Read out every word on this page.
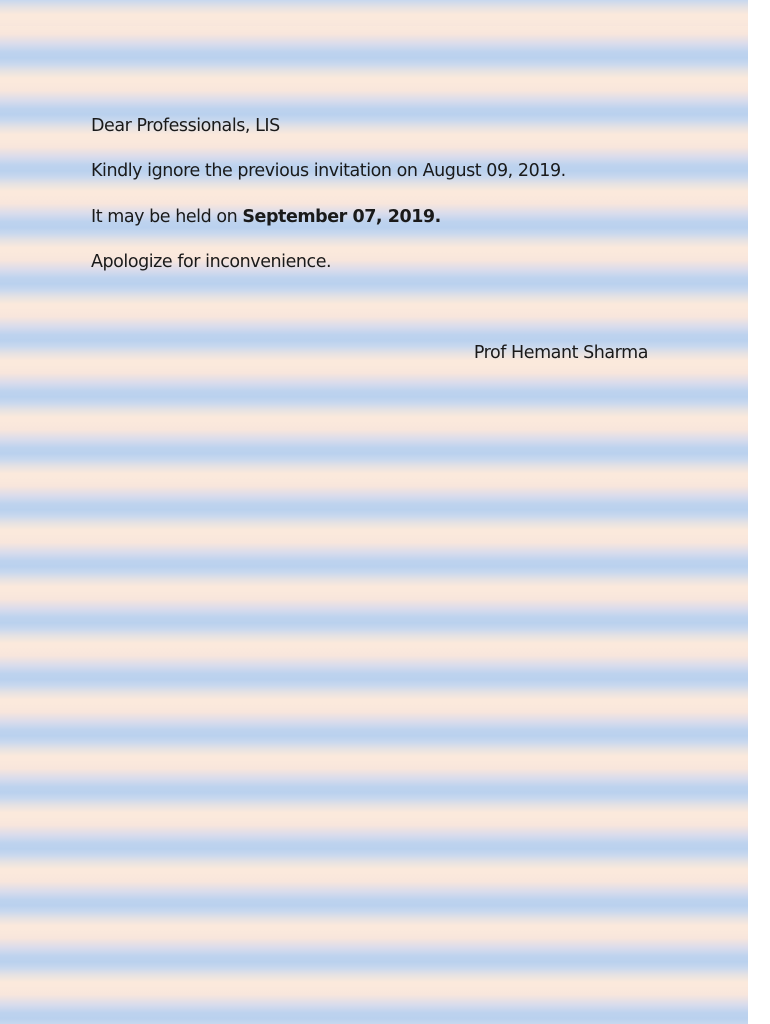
Dear Professionals, LIS
Kindly ignore the previous invitation on August 09, 2019.
It may be held on September 07, 2019.
Apologize for inconvenience.
Prof Hemant Sharma
